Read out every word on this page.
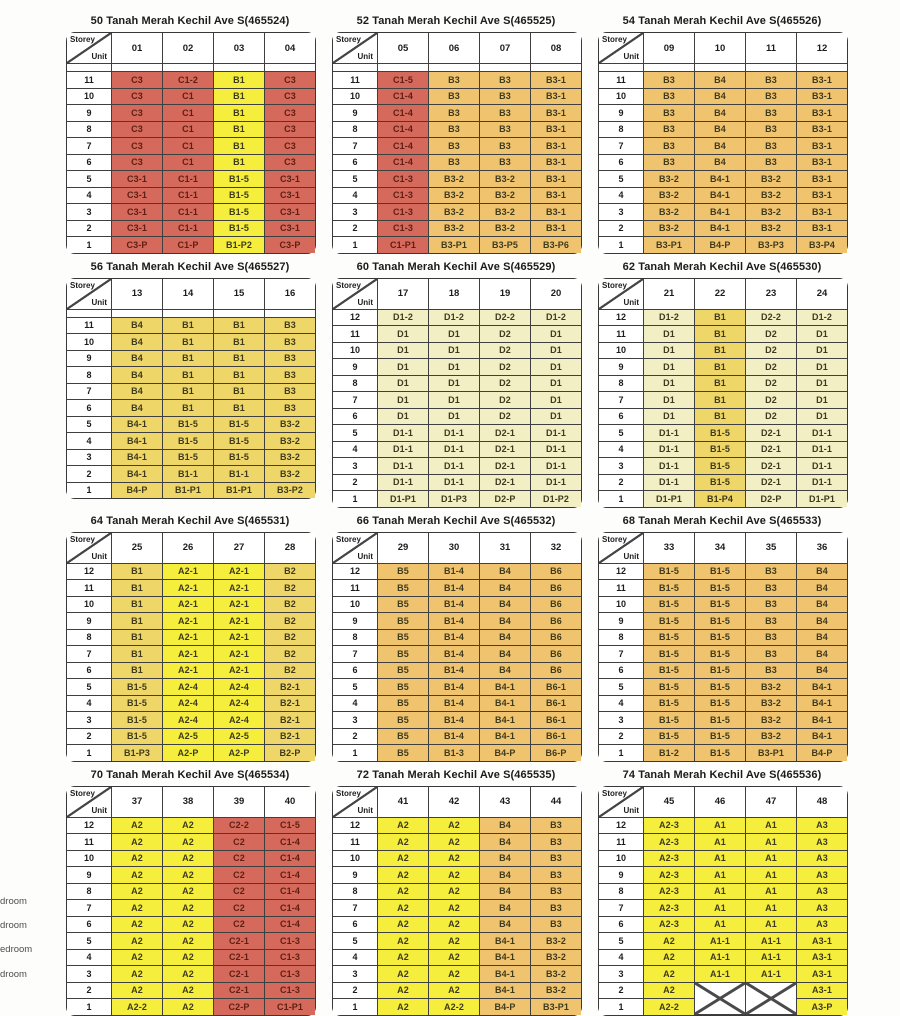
50 Tanah Merah Kechil Ave S(465524)
Storey
Unit	01	02	03	04

11	C3	C1-2	B1	C3
10	C3	C1	B1	C3
9	C3	C1	B1	C3
8	C3	C1	B1	C3
7	C3	C1	B1	C3
6	C3	C1	B1	C3
5	C3-1	C1-1	B1-5	C3-1
4	C3-1	C1-1	B1-5	C3-1
3	C3-1	C1-1	B1-5	C3-1
2	C3-1	C1-1	B1-5	C3-1
1	C3-P	C1-P	B1-P2	C3-P
52 Tanah Merah Kechil Ave S(465525)
Storey
Unit	05	06	07	08

11	C1-5	B3	B3	B3-1
10	C1-4	B3	B3	B3-1
9	C1-4	B3	B3	B3-1
8	C1-4	B3	B3	B3-1
7	C1-4	B3	B3	B3-1
6	C1-4	B3	B3	B3-1
5	C1-3	B3-2	B3-2	B3-1
4	C1-3	B3-2	B3-2	B3-1
3	C1-3	B3-2	B3-2	B3-1
2	C1-3	B3-2	B3-2	B3-1
1	C1-P1	B3-P1	B3-P5	B3-P6
54 Tanah Merah Kechil Ave S(465526)
Storey
Unit	09	10	11	12

11	B3	B4	B3	B3-1
10	B3	B4	B3	B3-1
9	B3	B4	B3	B3-1
8	B3	B4	B3	B3-1
7	B3	B4	B3	B3-1
6	B3	B4	B3	B3-1
5	B3-2	B4-1	B3-2	B3-1
4	B3-2	B4-1	B3-2	B3-1
3	B3-2	B4-1	B3-2	B3-1
2	B3-2	B4-1	B3-2	B3-1
1	B3-P1	B4-P	B3-P3	B3-P4
56 Tanah Merah Kechil Ave S(465527)
Storey
Unit	13	14	15	16

11	B4	B1	B1	B3
10	B4	B1	B1	B3
9	B4	B1	B1	B3
8	B4	B1	B1	B3
7	B4	B1	B1	B3
6	B4	B1	B1	B3
5	B4-1	B1-5	B1-5	B3-2
4	B4-1	B1-5	B1-5	B3-2
3	B4-1	B1-5	B1-5	B3-2
2	B4-1	B1-1	B1-1	B3-2
1	B4-P	B1-P1	B1-P1	B3-P2
60 Tanah Merah Kechil Ave S(465529)
Storey
Unit	17	18	19	20
12	D1-2	D1-2	D2-2	D1-2
11	D1	D1	D2	D1
10	D1	D1	D2	D1
9	D1	D1	D2	D1
8	D1	D1	D2	D1
7	D1	D1	D2	D1
6	D1	D1	D2	D1
5	D1-1	D1-1	D2-1	D1-1
4	D1-1	D1-1	D2-1	D1-1
3	D1-1	D1-1	D2-1	D1-1
2	D1-1	D1-1	D2-1	D1-1
1	D1-P1	D1-P3	D2-P	D1-P2
62 Tanah Merah Kechil Ave S(465530)
Storey
Unit	21	22	23	24
12	D1-2	B1	D2-2	D1-2
11	D1	B1	D2	D1
10	D1	B1	D2	D1
9	D1	B1	D2	D1
8	D1	B1	D2	D1
7	D1	B1	D2	D1
6	D1	B1	D2	D1
5	D1-1	B1-5	D2-1	D1-1
4	D1-1	B1-5	D2-1	D1-1
3	D1-1	B1-5	D2-1	D1-1
2	D1-1	B1-5	D2-1	D1-1
1	D1-P1	B1-P4	D2-P	D1-P1
64 Tanah Merah Kechil Ave S(465531)
Storey
Unit	25	26	27	28
12	B1	A2-1	A2-1	B2
11	B1	A2-1	A2-1	B2
10	B1	A2-1	A2-1	B2
9	B1	A2-1	A2-1	B2
8	B1	A2-1	A2-1	B2
7	B1	A2-1	A2-1	B2
6	B1	A2-1	A2-1	B2
5	B1-5	A2-4	A2-4	B2-1
4	B1-5	A2-4	A2-4	B2-1
3	B1-5	A2-4	A2-4	B2-1
2	B1-5	A2-5	A2-5	B2-1
1	B1-P3	A2-P	A2-P	B2-P
66 Tanah Merah Kechil Ave S(465532)
Storey
Unit	29	30	31	32
12	B5	B1-4	B4	B6
11	B5	B1-4	B4	B6
10	B5	B1-4	B4	B6
9	B5	B1-4	B4	B6
8	B5	B1-4	B4	B6
7	B5	B1-4	B4	B6
6	B5	B1-4	B4	B6
5	B5	B1-4	B4-1	B6-1
4	B5	B1-4	B4-1	B6-1
3	B5	B1-4	B4-1	B6-1
2	B5	B1-4	B4-1	B6-1
1	B5	B1-3	B4-P	B6-P
68 Tanah Merah Kechil Ave S(465533)
Storey
Unit	33	34	35	36
12	B1-5	B1-5	B3	B4
11	B1-5	B1-5	B3	B4
10	B1-5	B1-5	B3	B4
9	B1-5	B1-5	B3	B4
8	B1-5	B1-5	B3	B4
7	B1-5	B1-5	B3	B4
6	B1-5	B1-5	B3	B4
5	B1-5	B1-5	B3-2	B4-1
4	B1-5	B1-5	B3-2	B4-1
3	B1-5	B1-5	B3-2	B4-1
2	B1-5	B1-5	B3-2	B4-1
1	B1-2	B1-5	B3-P1	B4-P
70 Tanah Merah Kechil Ave S(465534)
Storey
Unit	37	38	39	40
12	A2	A2	C2-2	C1-5
11	A2	A2	C2	C1-4
10	A2	A2	C2	C1-4
9	A2	A2	C2	C1-4
8	A2	A2	C2	C1-4
7	A2	A2	C2	C1-4
6	A2	A2	C2	C1-4
5	A2	A2	C2-1	C1-3
4	A2	A2	C2-1	C1-3
3	A2	A2	C2-1	C1-3
2	A2	A2	C2-1	C1-3
1	A2-2	A2	C2-P	C1-P1
72 Tanah Merah Kechil Ave S(465535)
Storey
Unit	41	42	43	44
12	A2	A2	B4	B3
11	A2	A2	B4	B3
10	A2	A2	B4	B3
9	A2	A2	B4	B3
8	A2	A2	B4	B3
7	A2	A2	B4	B3
6	A2	A2	B4	B3
5	A2	A2	B4-1	B3-2
4	A2	A2	B4-1	B3-2
3	A2	A2	B4-1	B3-2
2	A2	A2	B4-1	B3-2
1	A2	A2-2	B4-P	B3-P1
74 Tanah Merah Kechil Ave S(465536)
Storey
Unit	45	46	47	48
12	A2-3	A1	A1	A3
11	A2-3	A1	A1	A3
10	A2-3	A1	A1	A3
9	A2-3	A1	A1	A3
8	A2-3	A1	A1	A3
7	A2-3	A1	A1	A3
6	A2-3	A1	A1	A3
5	A2	A1-1	A1-1	A3-1
4	A2	A1-1	A1-1	A3-1
3	A2	A1-1	A1-1	A3-1
2	A2			A3-1
1	A2-2			A3-P
droom
droom
edroom
droom
